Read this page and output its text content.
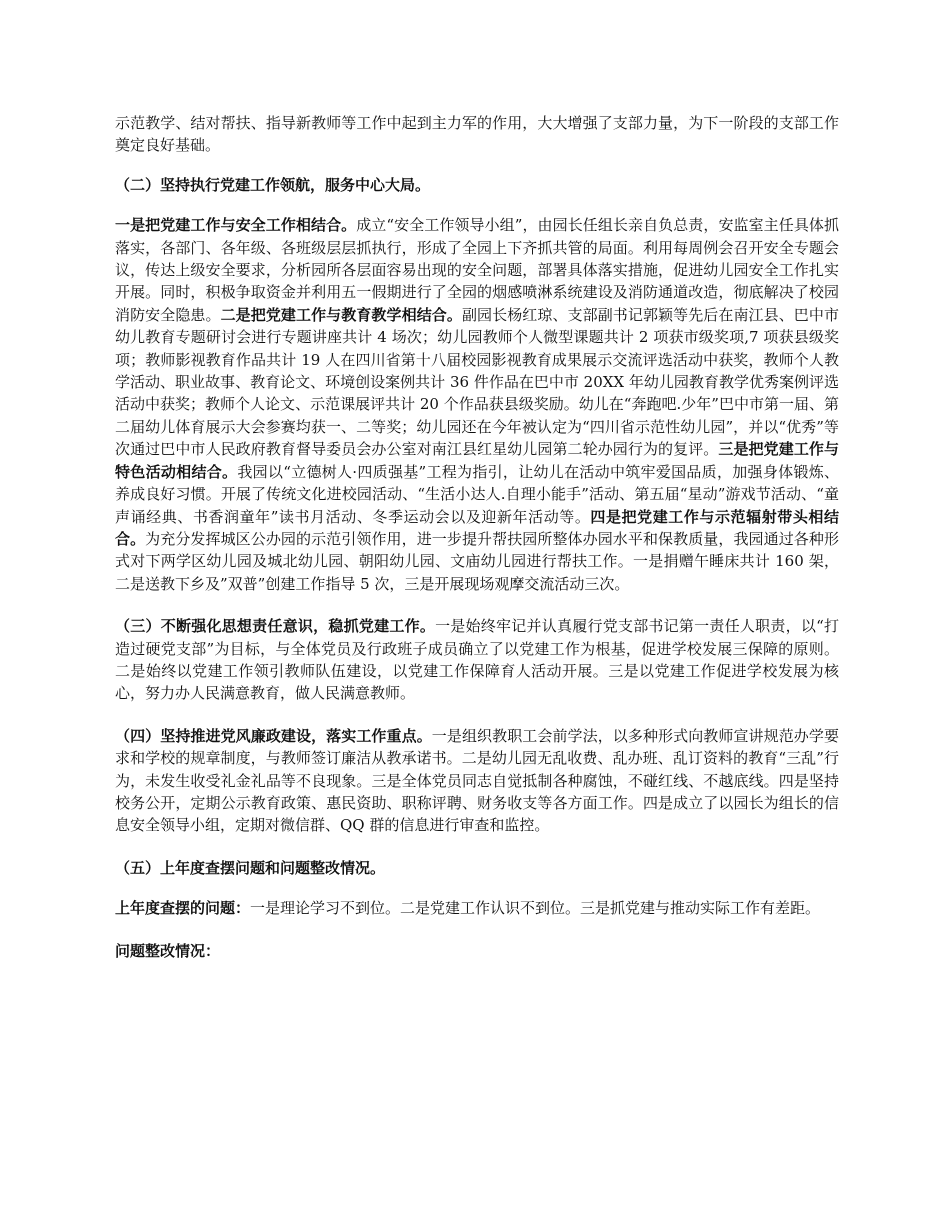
示范教学、结对帮扶、指导新教师等工作中起到主力军的作用，大大增强了支部力量，为下一阶段的支部工作奠定良好基础。

（二）坚持执行党建工作领航，服务中心大局。

一是把党建工作与安全工作相结合。成立“安全工作领导小组”，由园长任组长亲自负总责，安监室主任具体抓落实，各部门、各年级、各班级层层抓执行，形成了全园上下齐抓共管的局面。利用每周例会召开安全专题会议，传达上级安全要求，分析园所各层面容易出现的安全问题，部署具体落实措施，促进幼儿园安全工作扎实开展。同时，积极争取资金并利用五一假期进行了全园的烟感喷淋系统建设及消防通道改造，彻底解决了校园消防安全隐患。二是把党建工作与教育教学相结合。副园长杨红琼、支部副书记郭颖等先后在南江县、巴中市幼儿教育专题研讨会进行专题讲座共计 4 场次；幼儿园教师个人微型课题共计 2 项获市级奖项,7 项获县级奖项；教师影视教育作品共计 19 人在四川省第十八届校园影视教育成果展示交流评选活动中获奖，教师个人教学活动、职业故事、教育论文、环境创设案例共计 36 件作品在巴中市 20XX 年幼儿园教育教学优秀案例评选活动中获奖；教师个人论文、示范课展评共计 20 个作品获县级奖励。幼儿在“奔跑吧.少年”巴中市第一届、第二届幼儿体育展示大会参赛均获一、二等奖；幼儿园还在今年被认定为“四川省示范性幼儿园”，并以“优秀”等次通过巴中市人民政府教育督导委员会办公室对南江县红星幼儿园第二轮办园行为的复评。三是把党建工作与特色活动相结合。我园以“立德树人·四质强基”工程为指引，让幼儿在活动中筑牢爱国品质，加强身体锻炼、养成良好习惯。开展了传统文化进校园活动、“生活小达人.自理小能手”活动、第五届“星动”游戏节活动、“童声诵经典、书香润童年”读书月活动、冬季运动会以及迎新年活动等。四是把党建工作与示范辐射带头相结合。为充分发挥城区公办园的示范引领作用，进一步提升帮扶园所整体办园水平和保教质量，我园通过各种形式对下两学区幼儿园及城北幼儿园、朝阳幼儿园、文庙幼儿园进行帮扶工作。一是捐赠午睡床共计 160 架，二是送教下乡及”双普”创建工作指导 5 次，三是开展现场观摩交流活动三次。

（三）不断强化思想责任意识，稳抓党建工作。一是始终牢记并认真履行党支部书记第一责任人职责，以“打造过硬党支部”为目标，与全体党员及行政班子成员确立了以党建工作为根基，促进学校发展三保障的原则。二是始终以党建工作领引教师队伍建设，以党建工作保障育人活动开展。三是以党建工作促进学校发展为核心，努力办人民满意教育，做人民满意教师。

（四）坚持推进党风廉政建设，落实工作重点。一是组织教职工会前学法，以多种形式向教师宣讲规范办学要求和学校的规章制度，与教师签订廉洁从教承诺书。二是幼儿园无乱收费、乱办班、乱订资料的教育“三乱”行为，未发生收受礼金礼品等不良现象。三是全体党员同志自觉抵制各种腐蚀，不碰红线、不越底线。四是坚持校务公开，定期公示教育政策、惠民资助、职称评聘、财务收支等各方面工作。四是成立了以园长为组长的信息安全领导小组，定期对微信群、QQ 群的信息进行审查和监控。

（五）上年度查摆问题和问题整改情况。

上年度查摆的问题：一是理论学习不到位。二是党建工作认识不到位。三是抓党建与推动实际工作有差距。

问题整改情况：
